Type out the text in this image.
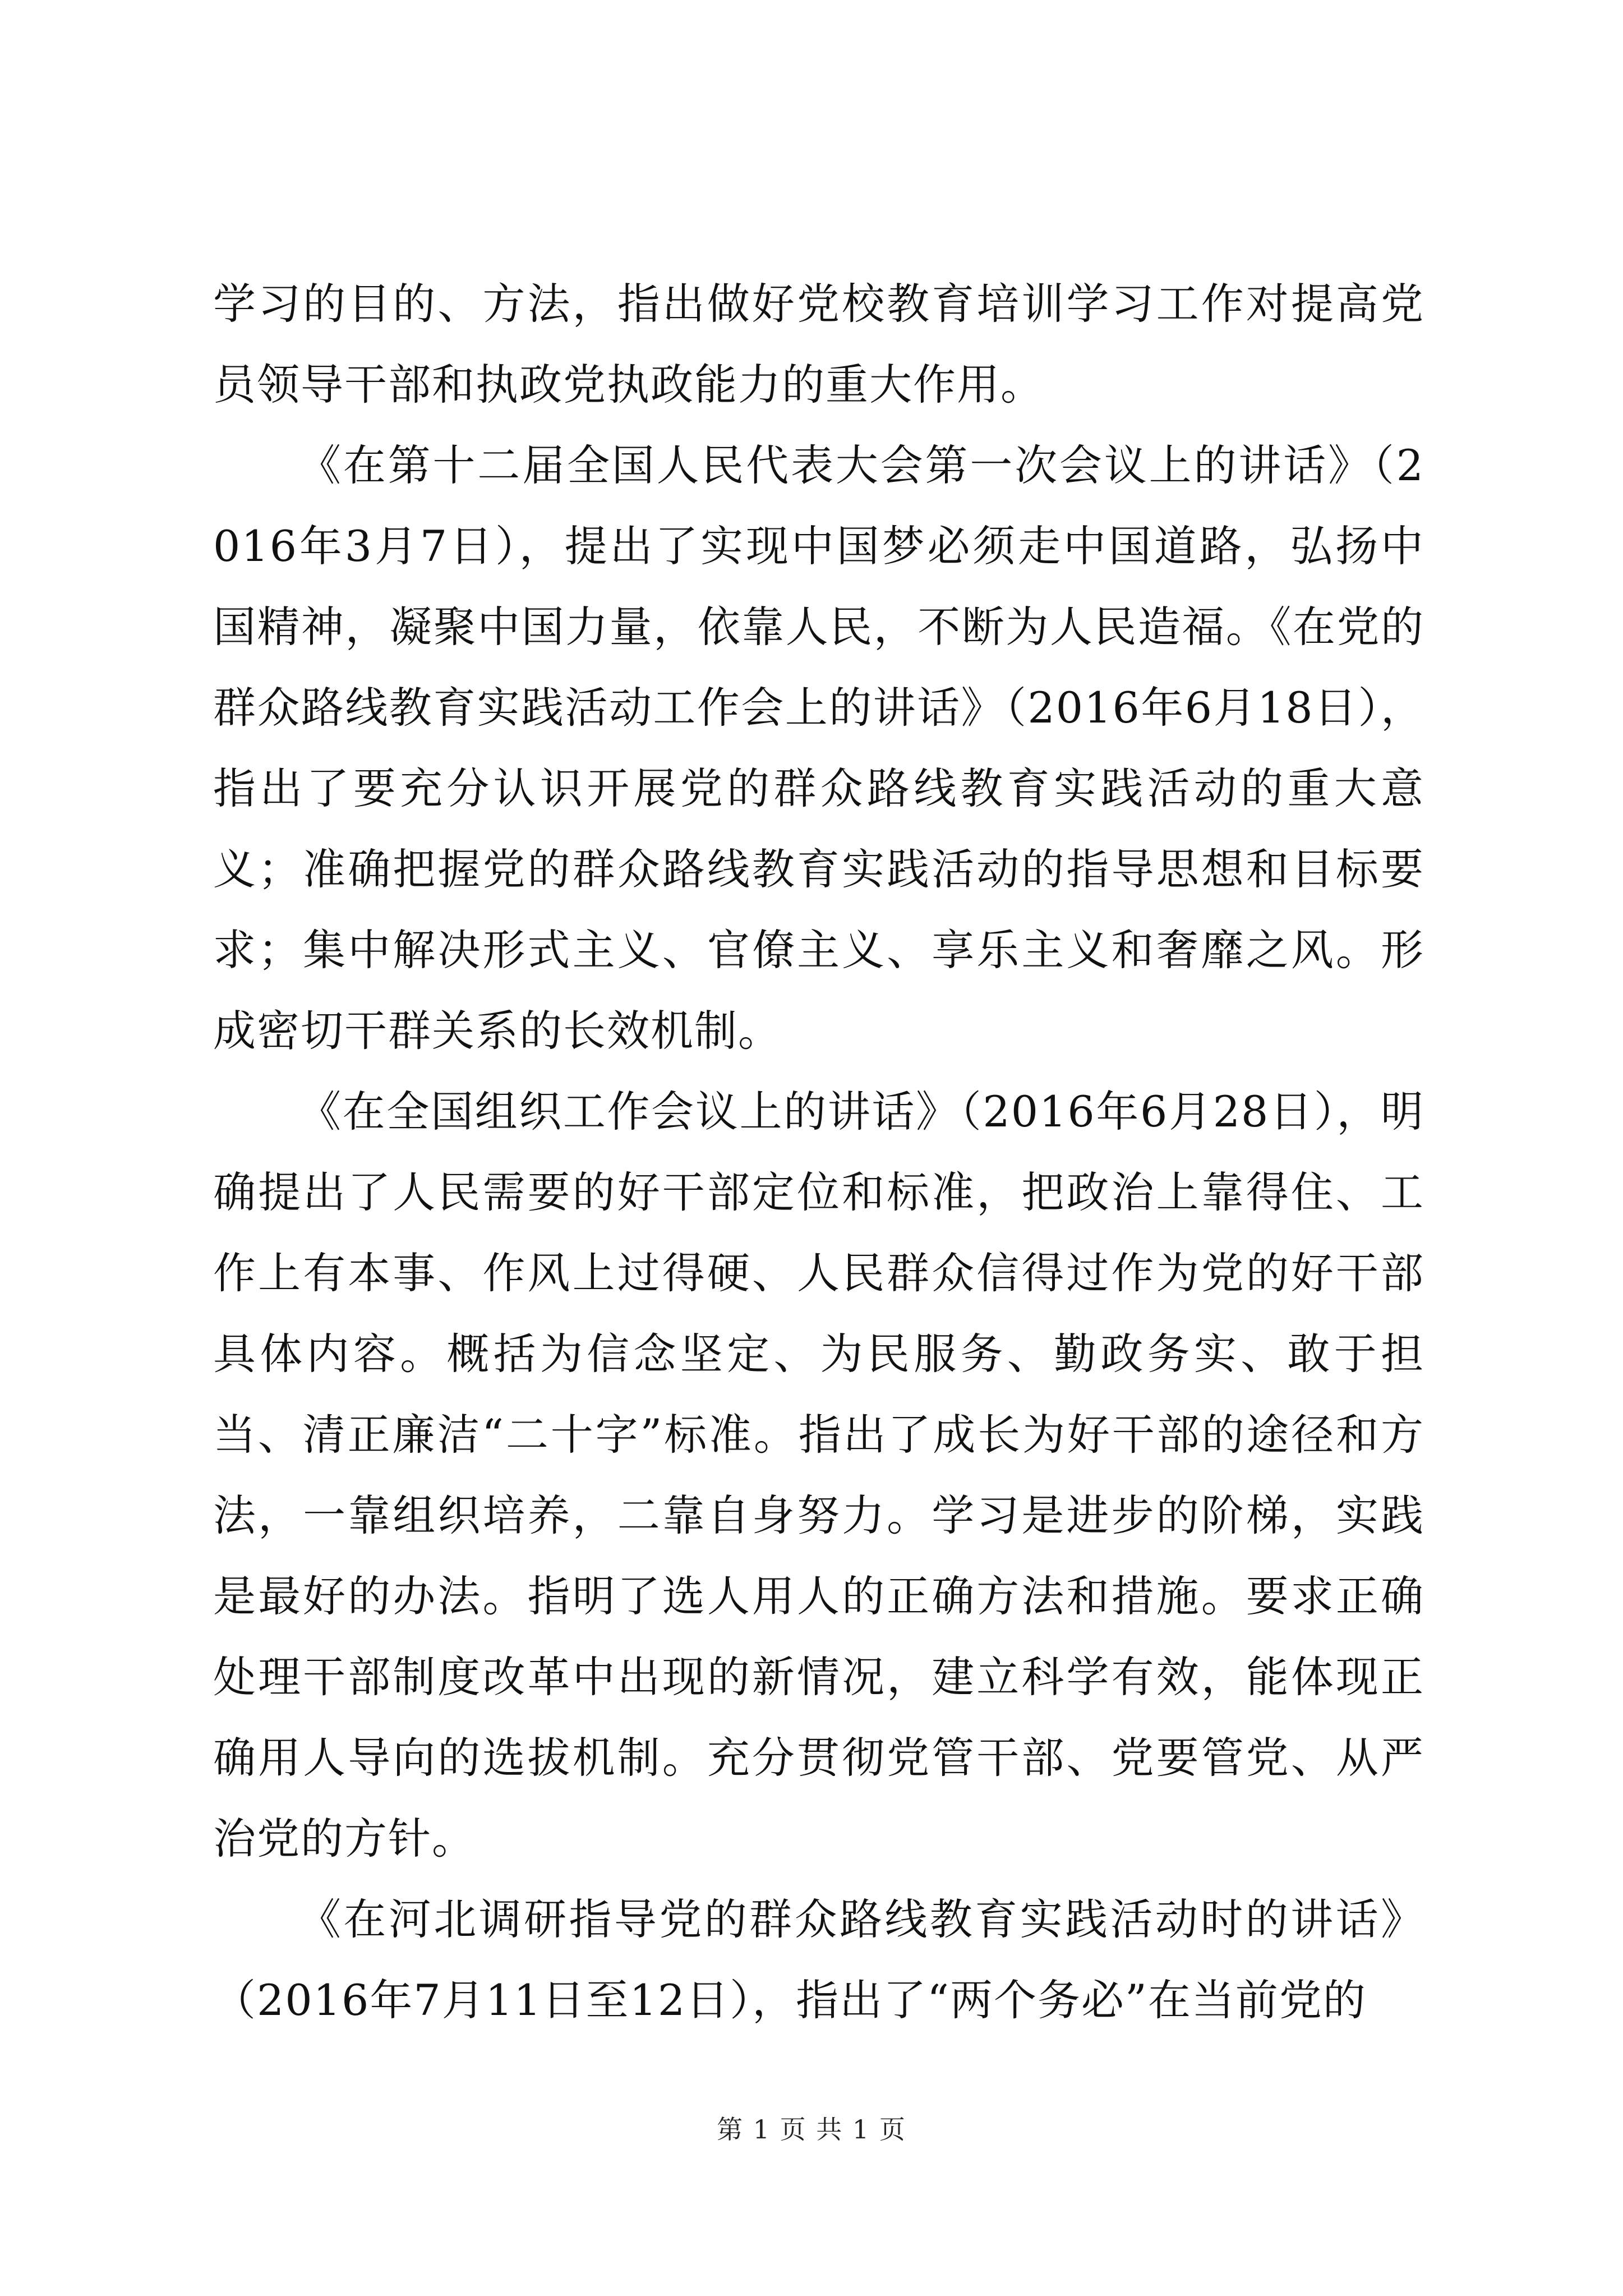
学习的目的、方法，指出做好党校教育培训学习工作对提高党员领导干部和执政党执政能力的重大作用。

《在第十二届全国人民代表大会第一次会议上的讲话》（2016年3月7日），提出了实现中国梦必须走中国道路，弘扬中国精神，凝聚中国力量，依靠人民，不断为人民造福。《在党的群众路线教育实践活动工作会上的讲话》（2016年6月18日），指出了要充分认识开展党的群众路线教育实践活动的重大意义；准确把握党的群众路线教育实践活动的指导思想和目标要求；集中解决形式主义、官僚主义、享乐主义和奢靡之风。形成密切干群关系的长效机制。

《在全国组织工作会议上的讲话》（2016年6月28日），明确提出了人民需要的好干部定位和标准，把政治上靠得住、工作上有本事、作风上过得硬、人民群众信得过作为党的好干部具体内容。概括为信念坚定、为民服务、勤政务实、敢于担当、清正廉洁“二十字”标准。指出了成长为好干部的途径和方法，一靠组织培养，二靠自身努力。学习是进步的阶梯，实践是最好的办法。指明了选人用人的正确方法和措施。要求正确处理干部制度改革中出现的新情况，建立科学有效，能体现正确用人导向的选拔机制。充分贯彻党管干部、党要管党、从严治党的方针。

《在河北调研指导党的群众路线教育实践活动时的讲话》（2016年7月11日至12日），指出了“两个务必”在当前党的

第 1 页 共 1 页
